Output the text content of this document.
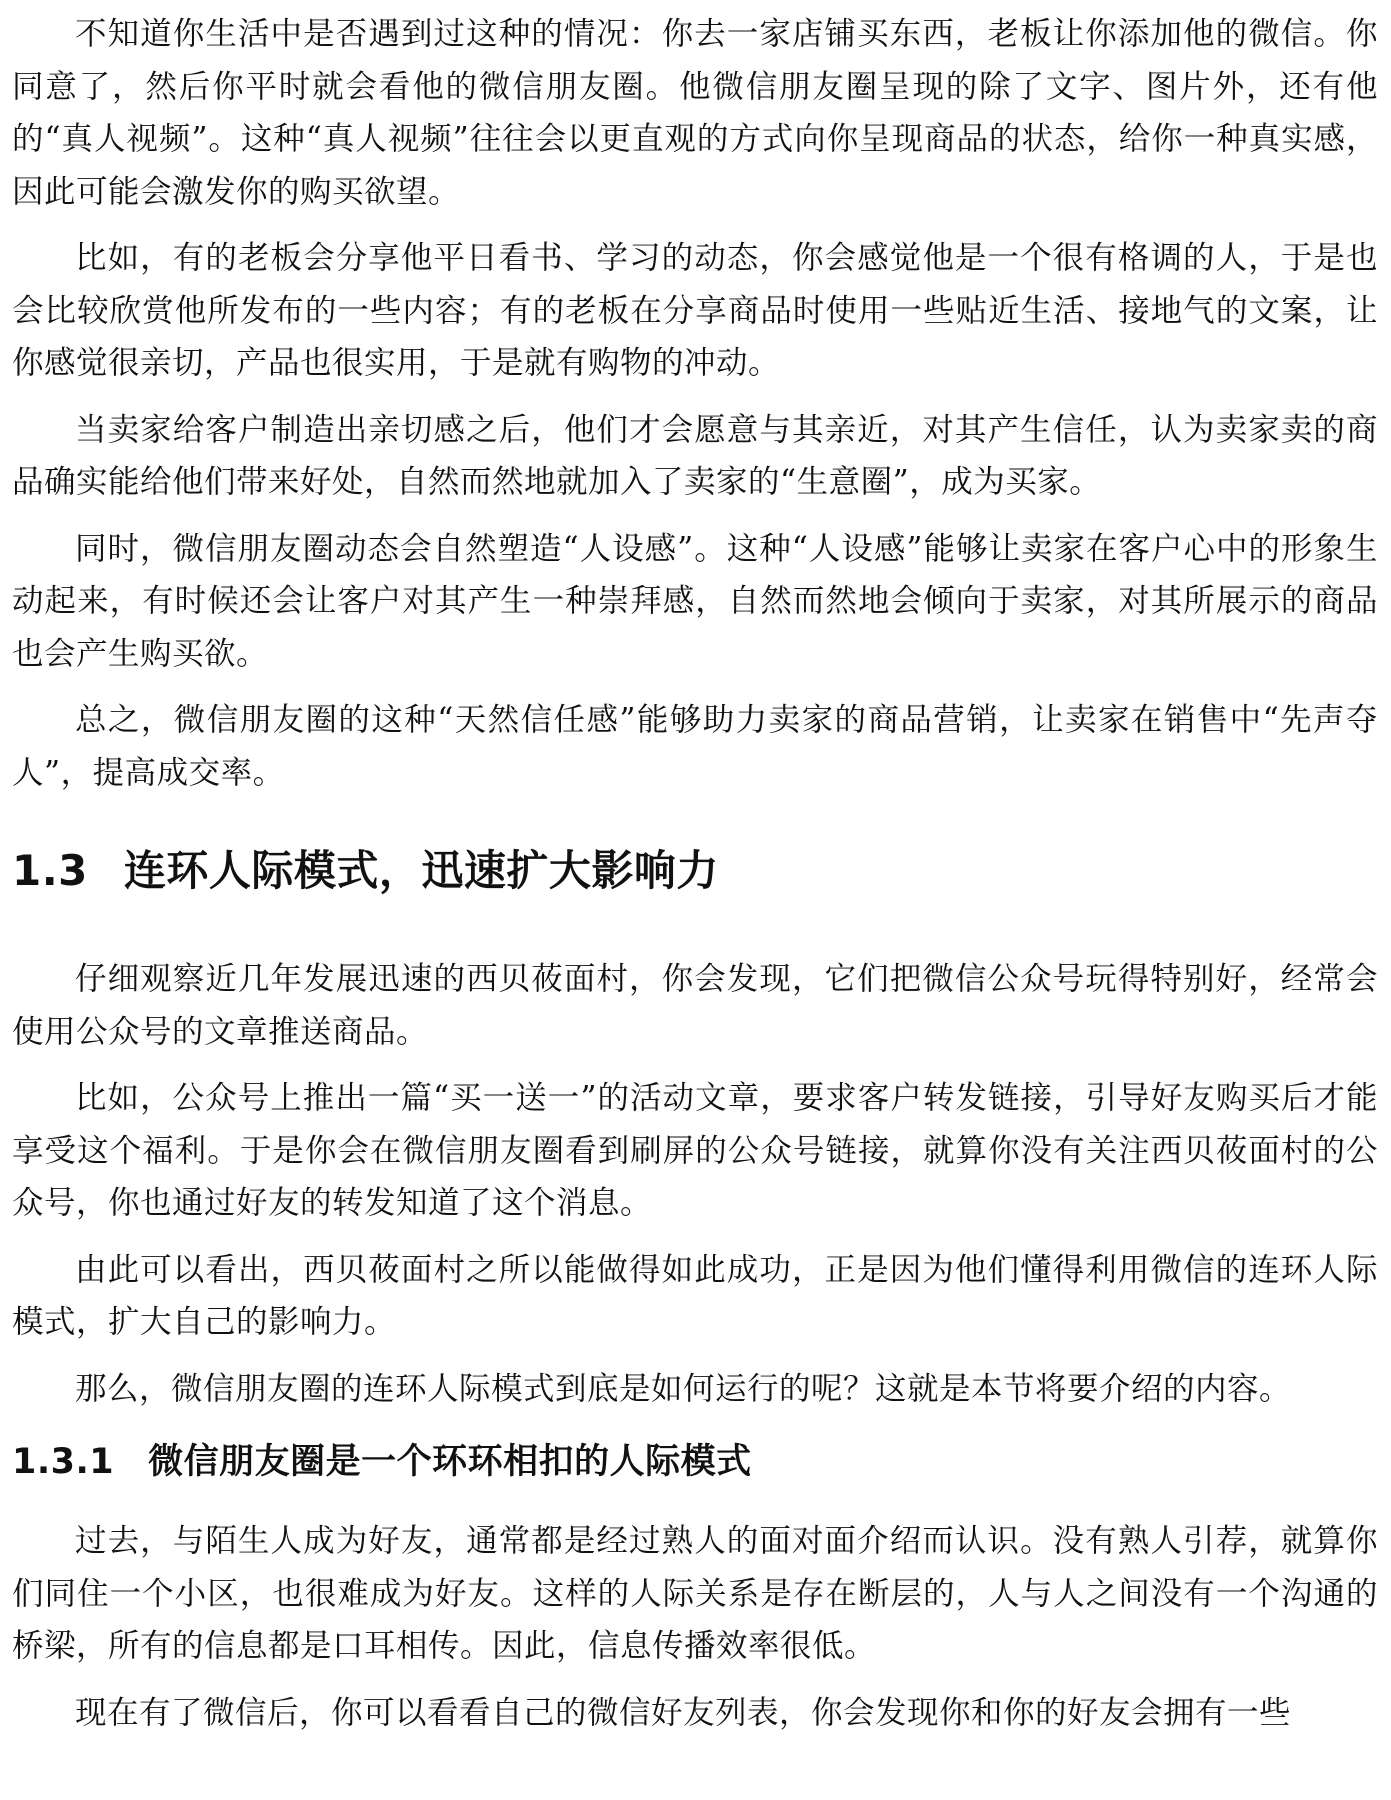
不知道你生活中是否遇到过这种的情况：你去一家店铺买东西，老板让你添加他的微信。你同意了，然后你平时就会看他的微信朋友圈。他微信朋友圈呈现的除了文字、图片外，还有他的“真人视频”。这种“真人视频”往往会以更直观的方式向你呈现商品的状态，给你一种真实感，因此可能会激发你的购买欲望。

比如，有的老板会分享他平日看书、学习的动态，你会感觉他是一个很有格调的人，于是也会比较欣赏他所发布的一些内容；有的老板在分享商品时使用一些贴近生活、接地气的文案，让你感觉很亲切，产品也很实用，于是就有购物的冲动。

当卖家给客户制造出亲切感之后，他们才会愿意与其亲近，对其产生信任，认为卖家卖的商品确实能给他们带来好处，自然而然地就加入了卖家的“生意圈”，成为买家。

同时，微信朋友圈动态会自然塑造“人设感”。这种“人设感”能够让卖家在客户心中的形象生动起来，有时候还会让客户对其产生一种崇拜感，自然而然地会倾向于卖家，对其所展示的商品也会产生购买欲。

总之，微信朋友圈的这种“天然信任感”能够助力卖家的商品营销，让卖家在销售中“先声夺人”，提高成交率。

1.3 连环人际模式，迅速扩大影响力

仔细观察近几年发展迅速的西贝莜面村，你会发现，它们把微信公众号玩得特别好，经常会使用公众号的文章推送商品。

比如，公众号上推出一篇“买一送一”的活动文章，要求客户转发链接，引导好友购买后才能享受这个福利。于是你会在微信朋友圈看到刷屏的公众号链接，就算你没有关注西贝莜面村的公众号，你也通过好友的转发知道了这个消息。

由此可以看出，西贝莜面村之所以能做得如此成功，正是因为他们懂得利用微信的连环人际模式，扩大自己的影响力。

那么，微信朋友圈的连环人际模式到底是如何运行的呢？这就是本节将要介绍的内容。

1.3.1 微信朋友圈是一个环环相扣的人际模式

过去，与陌生人成为好友，通常都是经过熟人的面对面介绍而认识。没有熟人引荐，就算你们同住一个小区，也很难成为好友。这样的人际关系是存在断层的，人与人之间没有一个沟通的桥梁，所有的信息都是口耳相传。因此，信息传播效率很低。

现在有了微信后，你可以看看自己的微信好友列表，你会发现你和你的好友会拥有一些
